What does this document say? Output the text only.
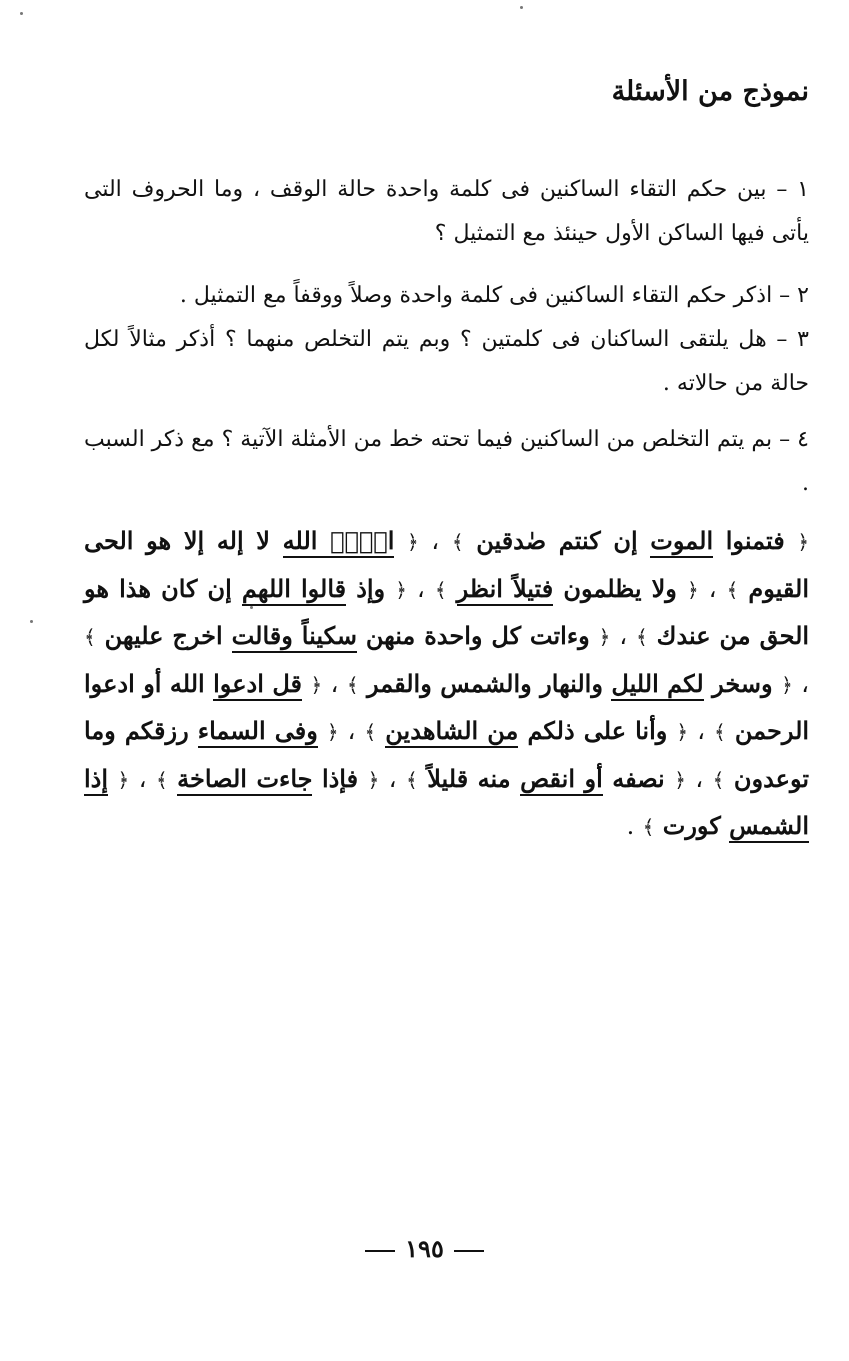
نموذج من الأسئلة

١ – بين حكم التقاء الساكنين فى كلمة واحدة حالة الوقف ، وما الحروف التى يأتى فيها الساكن الأول حينئذ مع التمثيل ؟

٢ – اذكر حكم التقاء الساكنين فى كلمة واحدة وصلاً ووقفاً مع التمثيل .

٣ – هل يلتقى الساكنان فى كلمتين ؟ وبم يتم التخلص منهما ؟ أذكر مثالاً لكل حالة من حالاته .

٤ – بم يتم التخلص من الساكنين فيما تحته خط من الأمثلة الآتية ؟ مع ذكر السبب .

﴿ فتمنوا الموت إن كنتم صٰدقين ﴾ ، ﴿ الۤمۤ الله لا إله إلا هو الحى القيوم ﴾ ، ﴿ ولا يظلمون فتيلاً انظر ﴾ ، ﴿ وإذ قالوا اللهم إن كان هذا هو الحق من عندك ﴾ ، ﴿ وءاتت كل واحدة منهن سكيناً وقالت اخرج عليهن ﴾ ، ﴿ وسخر لكم الليل والنهار والشمس والقمر ﴾ ، ﴿ قل ادعوا الله أو ادعوا الرحمن ﴾ ، ﴿ وأنا على ذلكم من الشاهدين ﴾ ، ﴿ وفى السماء رزقكم وما توعدون ﴾ ، ﴿ نصفه أو انقص منه قليلاً ﴾ ، ﴿ فإذا جاءت الصاخة ﴾ ، ﴿ إذا الشمس كورت ﴾ .
١٩٥
